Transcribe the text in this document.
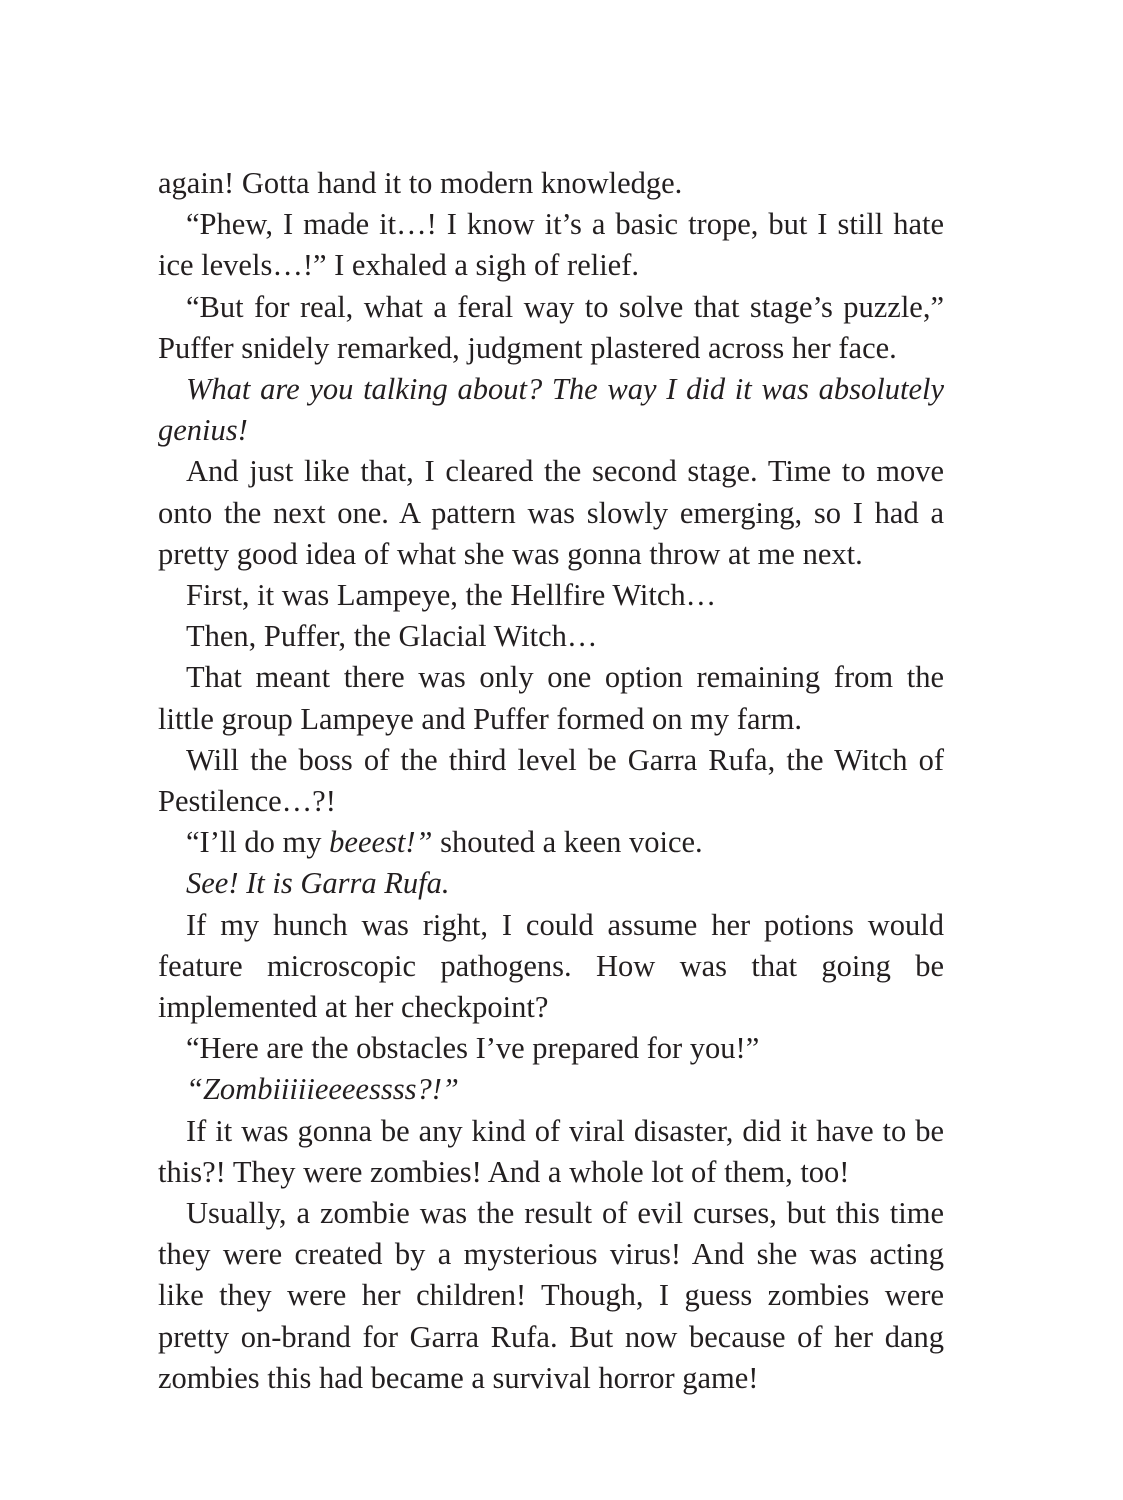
again! Gotta hand it to modern knowledge.

“Phew, I made it…! I know it’s a basic trope, but I still hate ice levels…!” I exhaled a sigh of relief.

“But for real, what a feral way to solve that stage’s puzzle,” Puffer snidely remarked, judgment plastered across her face.

What are you talking about? The way I did it was absolutely genius!

And just like that, I cleared the second stage. Time to move onto the next one. A pattern was slowly emerging, so I had a pretty good idea of what she was gonna throw at me next.

First, it was Lampeye, the Hellfire Witch…

Then, Puffer, the Glacial Witch…

That meant there was only one option remaining from the little group Lampeye and Puffer formed on my farm.

Will the boss of the third level be Garra Rufa, the Witch of Pestilence…?!

“I’ll do my beeest!” shouted a keen voice.

See! It is Garra Rufa.

If my hunch was right, I could assume her potions would feature microscopic pathogens. How was that going be implemented at her checkpoint?

“Here are the obstacles I’ve prepared for you!”

“Zombiiiiieeeessss?!”

If it was gonna be any kind of viral disaster, did it have to be this?! They were zombies! And a whole lot of them, too!

Usually, a zombie was the result of evil curses, but this time they were created by a mysterious virus! And she was acting like they were her children! Though, I guess zombies were pretty on-brand for Garra Rufa. But now because of her dang zombies this had became a survival horror game!
